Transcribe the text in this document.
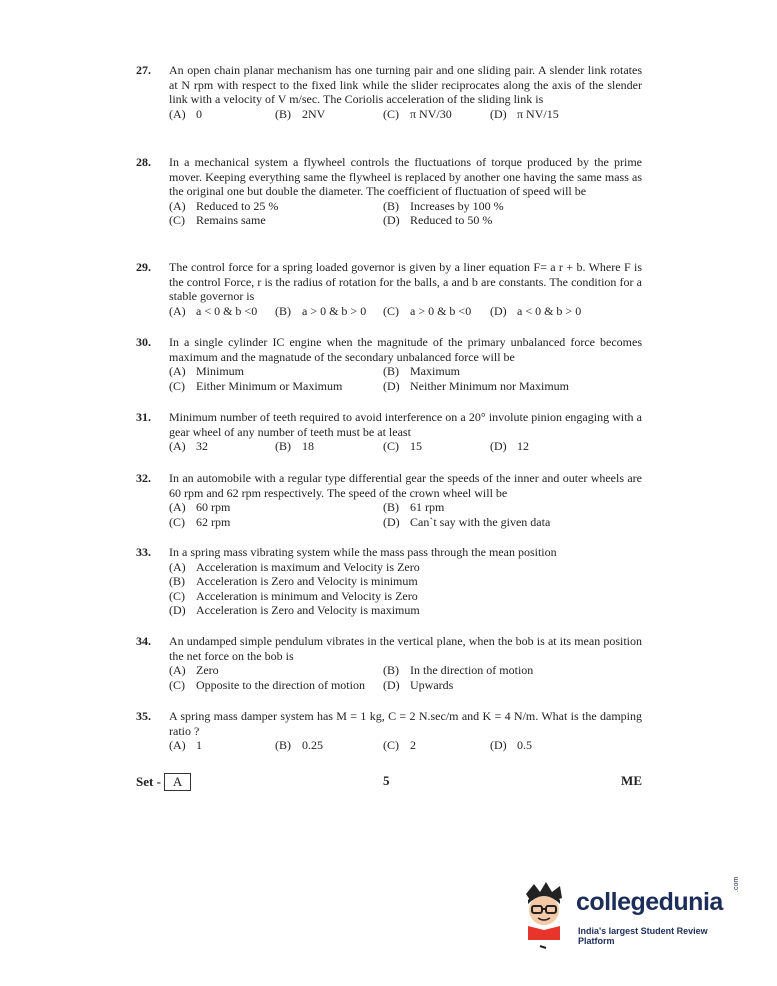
27. An open chain planar mechanism has one turning pair and one sliding pair. A slender link rotates at N rpm with respect to the fixed link while the slider reciprocates along the axis of the slender link with a velocity of V m/sec. The Coriolis acceleration of the sliding link is
(A) 0	(B) 2NV	(C) π NV/30	(D) π NV/15
28. In a mechanical system a flywheel controls the fluctuations of torque produced by the prime mover. Keeping everything same the flywheel is replaced by another one having the same mass as the original one but double the diameter. The coefficient of fluctuation of speed will be
(A) Reduced to 25 %	(B) Increases by 100 %
(C) Remains same	(D) Reduced to 50 %
29. The control force for a spring loaded governor is given by a liner equation F= a r + b. Where F is the control Force, r is the radius of rotation for the balls, a and b are constants. The condition for a stable governor is
(A) a < 0 & b <0 (B) a > 0 & b > 0 (C) a > 0 & b <0 (D) a < 0 & b > 0
30. In a single cylinder IC engine when the magnitude of the primary unbalanced force becomes maximum and the magnatude of the secondary unbalanced force will be
(A) Minimum	(B) Maximum
(C) Either Minimum or Maximum	(D) Neither Minimum nor Maximum
31. Minimum number of teeth required to avoid interference on a 20° involute pinion engaging with a gear wheel of any number of teeth must be at least
(A) 32	(B) 18	(C) 15	(D) 12
32. In an automobile with a regular type differential gear the speeds of the inner and outer wheels are 60 rpm and 62 rpm respectively. The speed of the crown wheel will be
(A) 60 rpm	(B) 61 rpm
(C) 62 rpm	(D) Can`t say with the given data
33. In a spring mass vibrating system while the mass pass through the mean position
(A) Acceleration is maximum and Velocity is Zero
(B) Acceleration is Zero and Velocity is minimum
(C) Acceleration is minimum and Velocity is Zero
(D) Acceleration is Zero and Velocity is maximum
34. An undamped simple pendulum vibrates in the vertical plane, when the bob is at its mean position the net force on the bob is
(A) Zero	(B) In the direction of motion
(C) Opposite to the direction of motion (D) Upwards
35. A spring mass damper system has M = 1 kg, C = 2 N.sec/m and K = 4 N/m. What is the damping ratio ?
(A) 1	(B) 0.25	(C) 2	(D) 0.5
Set - A	5	ME
collegedunia
.com
India's largest Student Review Platform
